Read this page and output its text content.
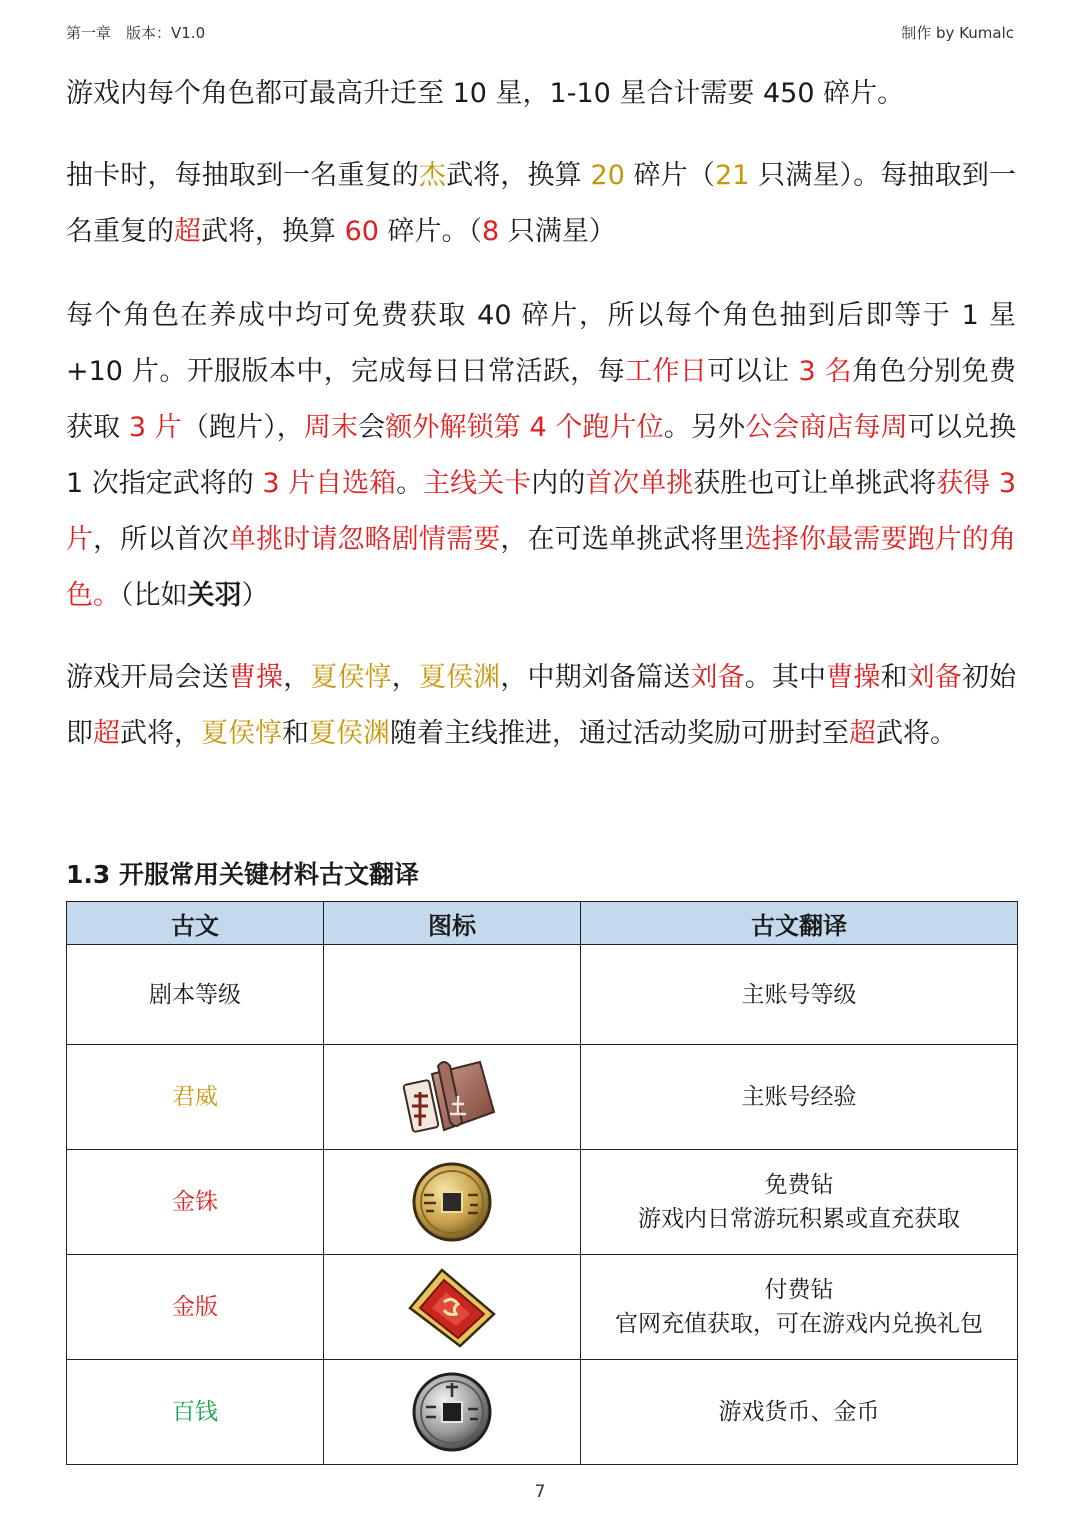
第一章　版本：V1.0	制作 by Kumalc

游戏内每个角色都可最高升迁至 10 星，1-10 星合计需要 450 碎片。

抽卡时，每抽取到一名重复的杰武将，换算 20 碎片（21 只满星）。每抽取到一名重复的超武将，换算 60 碎片。（8 只满星）

每个角色在养成中均可免费获取 40 碎片，所以每个角色抽到后即等于 1 星 +10 片。开服版本中，完成每日日常活跃，每工作日可以让 3 名角色分别免费获取 3 片（跑片），周末会额外解锁第 4 个跑片位。另外公会商店每周可以兑换 1 次指定武将的 3 片自选箱。主线关卡内的首次单挑获胜也可让单挑武将获得 3 片，所以首次单挑时请忽略剧情需要，在可选单挑武将里选择你最需要跑片的角色。（比如关羽）

游戏开局会送曹操，夏侯惇，夏侯渊，中期刘备篇送刘备。其中曹操和刘备初始即超武将，夏侯惇和夏侯渊随着主线推进，通过活动奖励可册封至超武将。

1.3 开服常用关键材料古文翻译
古文	图标	古文翻译
剧本等级		主账号等级

君威		主账号经验

金铢		免费钻
游戏内日常游玩积累或直充获取

金版		付费钻
官网充值获取，可在游戏内兑换礼包

百钱		游戏货币、金币
7
